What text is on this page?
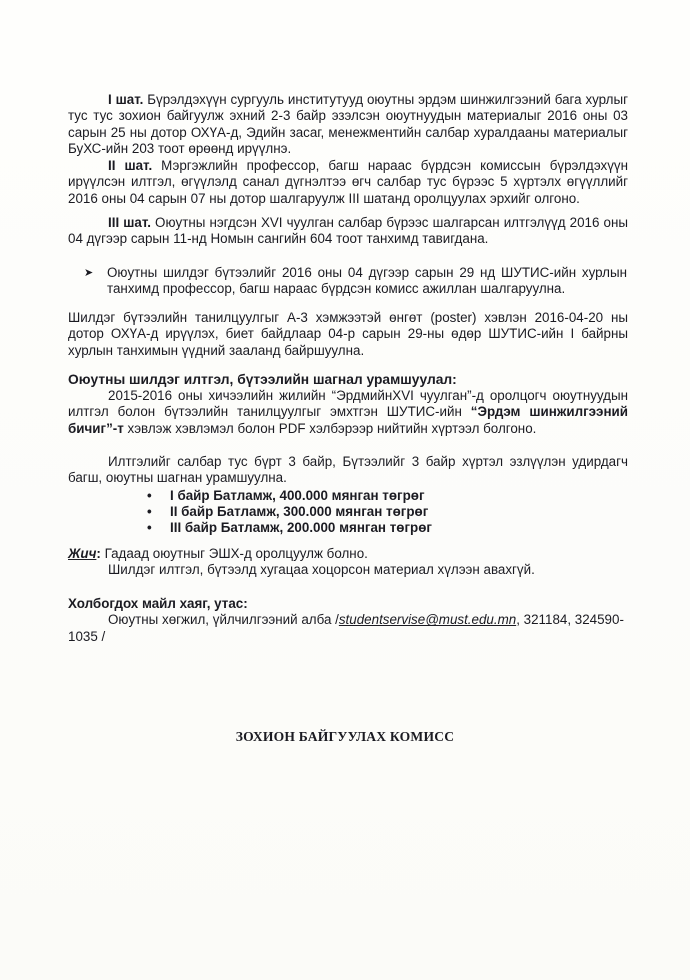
I шат. Бүрэлдэхүүн сургууль институтууд оюутны эрдэм шинжилгээний бага хурлыг тус тус зохион байгуулж эхний 2-3 байр эзэлсэн оюутнуудын материалыг 2016 оны 03 сарын 25 ны дотор ОХҮА-д, Эдийн засаг, менежментийн салбар хуралдааны материалыг БуХС-ийн 203 тоот өрөөнд ирүүлнэ.
II шат. Мэргэжлийн профессор, багш нараас бүрдсэн комиссын бүрэлдэхүүн ирүүлсэн илтгэл, өгүүлэлд санал дүгнэлтээ өгч салбар тус бүрээс 5 хүртэлх өгүүллийг 2016 оны 04 сарын 07 ны дотор шалгаруулж III шатанд оролцуулах эрхийг олгоно.
III шат. Оюутны нэгдсэн XVI чуулган салбар бүрээс шалгарсан илтгэлүүд 2016 оны 04 дүгээр сарын 11-нд Номын сангийн 604 тоот танхимд тавигдана.
➤ Оюутны шилдэг бүтээлийг 2016 оны 04 дүгээр сарын 29 нд ШУТИС-ийн хурлын танхимд профессор, багш нараас бүрдсэн комисс ажиллан шалгаруулна.
Шилдэг бүтээлийн танилцуулгыг А-3 хэмжээтэй өнгөт (poster) хэвлэн 2016-04-20 ны дотор ОХҮА-д ирүүлэх, биет байдлаар 04-р сарын 29-ны өдөр ШУТИС-ийн I байрны хурлын танхимын үүдний зааланд байршуулна.
Оюутны шилдэг илтгэл, бүтээлийн шагнал урамшуулал:
2015-2016 оны хичээлийн жилийн “ЭрдмийнXVI чуулган”-д оролцогч оюутнуудын илтгэл болон бүтээлийн танилцуулгыг эмхтгэн ШУТИС-ийн “Эрдэм шинжилгээний бичиг”-т хэвлэж хэвлэмэл болон PDF хэлбэрээр нийтийн хүртээл болгоно.
Илтгэлийг салбар тус бүрт 3 байр, Бүтээлийг 3 байр хүртэл эзлүүлэн удирдагч багш, оюутны шагнан урамшуулна.
• I байр Батламж, 400.000 мянган төгрөг
• II байр Батламж, 300.000 мянган төгрөг
• III байр Батламж, 200.000 мянган төгрөг
Жич: Гадаад оюутныг ЭШХ-д оролцуулж болно.
Шилдэг илтгэл, бүтээлд хугацаа хоцорсон материал хүлээн авахгүй.
Холбогдох майл хаяг, утас:
Оюутны хөгжил, үйлчилгээний алба /studentservise@must.edu.mn, 321184, 324590-1035 /
ЗОХИОН БАЙГУУЛАХ КОМИСС
